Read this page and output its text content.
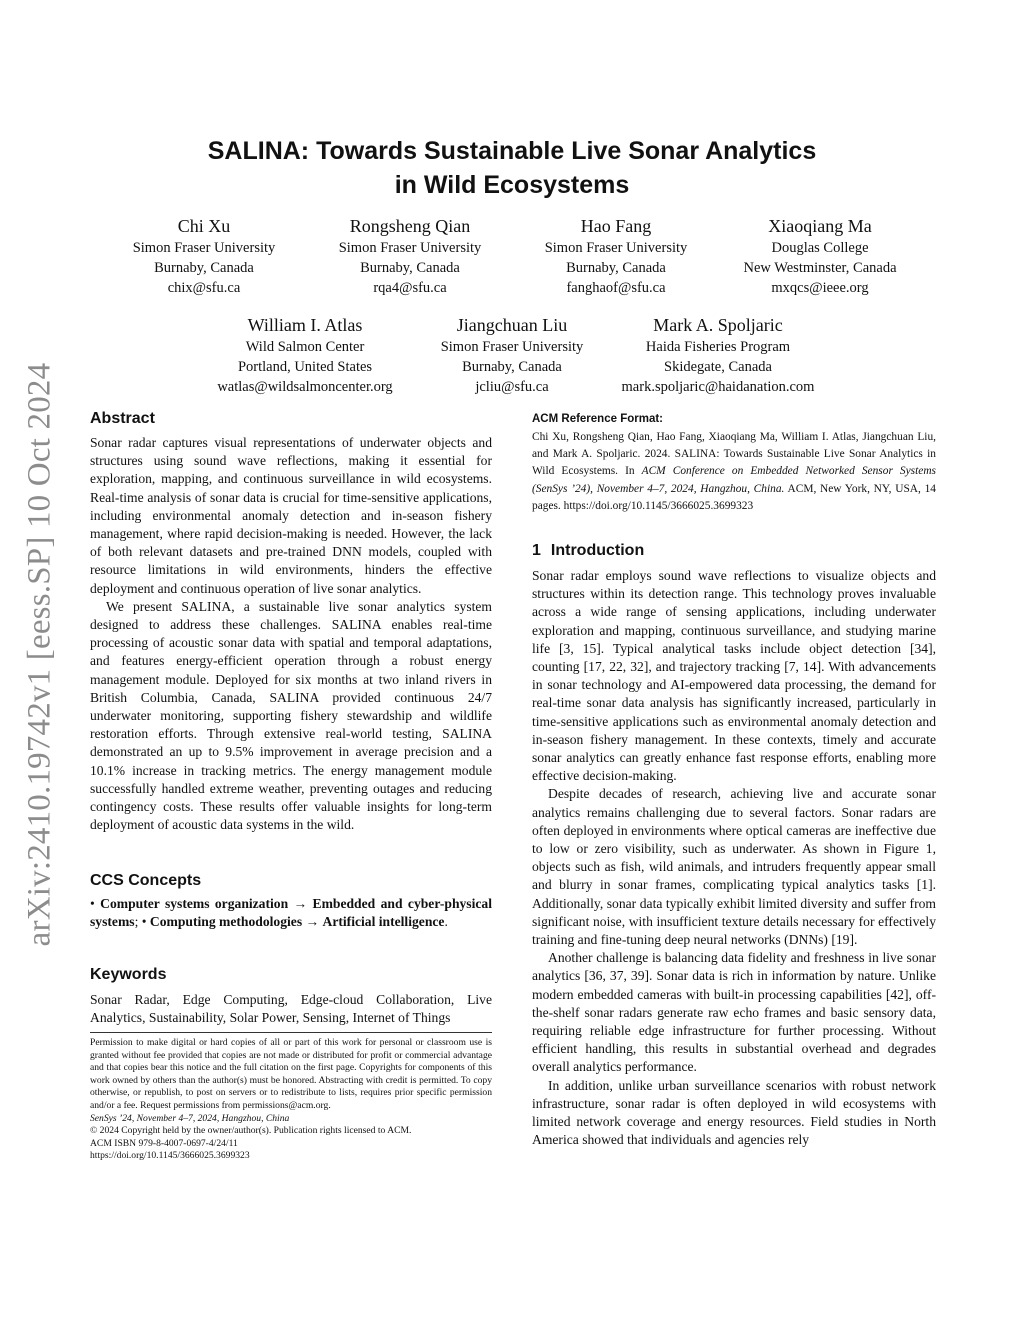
arXiv:2410.19742v1 [eess.SP] 10 Oct 2024
SALINA: Towards Sustainable Live Sonar Analytics
in Wild Ecosystems
Chi Xu
Simon Fraser University
Burnaby, Canada
chix@sfu.ca
Rongsheng Qian
Simon Fraser University
Burnaby, Canada
rqa4@sfu.ca
Hao Fang
Simon Fraser University
Burnaby, Canada
fanghaof@sfu.ca
Xiaoqiang Ma
Douglas College
New Westminster, Canada
mxqcs@ieee.org
William I. Atlas
Wild Salmon Center
Portland, United States
watlas@wildsalmoncenter.org
Jiangchuan Liu
Simon Fraser University
Burnaby, Canada
jcliu@sfu.ca
Mark A. Spoljaric
Haida Fisheries Program
Skidegate, Canada
mark.spoljaric@haidanation.com
Abstract

Sonar radar captures visual representations of underwater objects and structures using sound wave reflections, making it essential for exploration, mapping, and continuous surveillance in wild ecosystems. Real-time analysis of sonar data is crucial for time-sensitive applications, including environmental anomaly detection and in-season fishery management, where rapid decision-making is needed. However, the lack of both relevant datasets and pre-trained DNN models, coupled with resource limitations in wild environments, hinders the effective deployment and continuous operation of live sonar analytics.

We present SALINA, a sustainable live sonar analytics system designed to address these challenges. SALINA enables real-time processing of acoustic sonar data with spatial and temporal adaptations, and features energy-efficient operation through a robust energy management module. Deployed for six months at two inland rivers in British Columbia, Canada, SALINA provided continuous 24/7 underwater monitoring, supporting fishery stewardship and wildlife restoration efforts. Through extensive real-world testing, SALINA demonstrated an up to 9.5% improvement in average precision and a 10.1% increase in tracking metrics. The energy management module successfully handled extreme weather, preventing outages and reducing contingency costs. These results offer valuable insights for long-term deployment of acoustic data systems in the wild.

CCS Concepts

• Computer systems organization → Embedded and cyber-physical systems; • Computing methodologies → Artificial intelligence.

Keywords

Sonar Radar, Edge Computing, Edge-cloud Collaboration, Live Analytics, Sustainability, Solar Power, Sensing, Internet of Things

Permission to make digital or hard copies of all or part of this work for personal or classroom use is granted without fee provided that copies are not made or distributed for profit or commercial advantage and that copies bear this notice and the full citation on the first page. Copyrights for components of this work owned by others than the author(s) must be honored. Abstracting with credit is permitted. To copy otherwise, or republish, to post on servers or to redistribute to lists, requires prior specific permission and/or a fee. Request permissions from permissions@acm.org.

SenSys ’24, November 4–7, 2024, Hangzhou, China

© 2024 Copyright held by the owner/author(s). Publication rights licensed to ACM.

ACM ISBN 979-8-4007-0697-4/24/11

https://doi.org/10.1145/3666025.3699323

ACM Reference Format:

Chi Xu, Rongsheng Qian, Hao Fang, Xiaoqiang Ma, William I. Atlas, Jiangchuan Liu, and Mark A. Spoljaric. 2024. SALINA: Towards Sustainable Live Sonar Analytics in Wild Ecosystems. In ACM Conference on Embedded Networked Sensor Systems (SenSys ’24), November 4–7, 2024, Hangzhou, China. ACM, New York, NY, USA, 14 pages. https://doi.org/10.1145/3666025.3699323

1 Introduction

Sonar radar employs sound wave reflections to visualize objects and structures within its detection range. This technology proves invaluable across a wide range of sensing applications, including underwater exploration and mapping, continuous surveillance, and studying marine life [3, 15]. Typical analytical tasks include object detection [34], counting [17, 22, 32], and trajectory tracking [7, 14]. With advancements in sonar technology and AI-empowered data processing, the demand for real-time sonar data analysis has significantly increased, particularly in time-sensitive applications such as environmental anomaly detection and in-season fishery management. In these contexts, timely and accurate sonar analytics can greatly enhance fast response efforts, enabling more effective decision-making.

Despite decades of research, achieving live and accurate sonar analytics remains challenging due to several factors. Sonar radars are often deployed in environments where optical cameras are ineffective due to low or zero visibility, such as underwater. As shown in Figure 1, objects such as fish, wild animals, and intruders frequently appear small and blurry in sonar frames, complicating typical analytics tasks [1]. Additionally, sonar data typically exhibit limited diversity and suffer from significant noise, with insufficient texture details necessary for effectively training and fine-tuning deep neural networks (DNNs) [19].

Another challenge is balancing data fidelity and freshness in live sonar analytics [36, 37, 39]. Sonar data is rich in information by nature. Unlike modern embedded cameras with built-in processing capabilities [42], off-the-shelf sonar radars generate raw echo frames and basic sensory data, requiring reliable edge infrastructure for further processing. Without efficient handling, this results in substantial overhead and degrades overall analytics performance.

In addition, unlike urban surveillance scenarios with robust network infrastructure, sonar radar is often deployed in wild ecosystems with limited network coverage and energy resources. Field studies in North America showed that individuals and agencies rely
